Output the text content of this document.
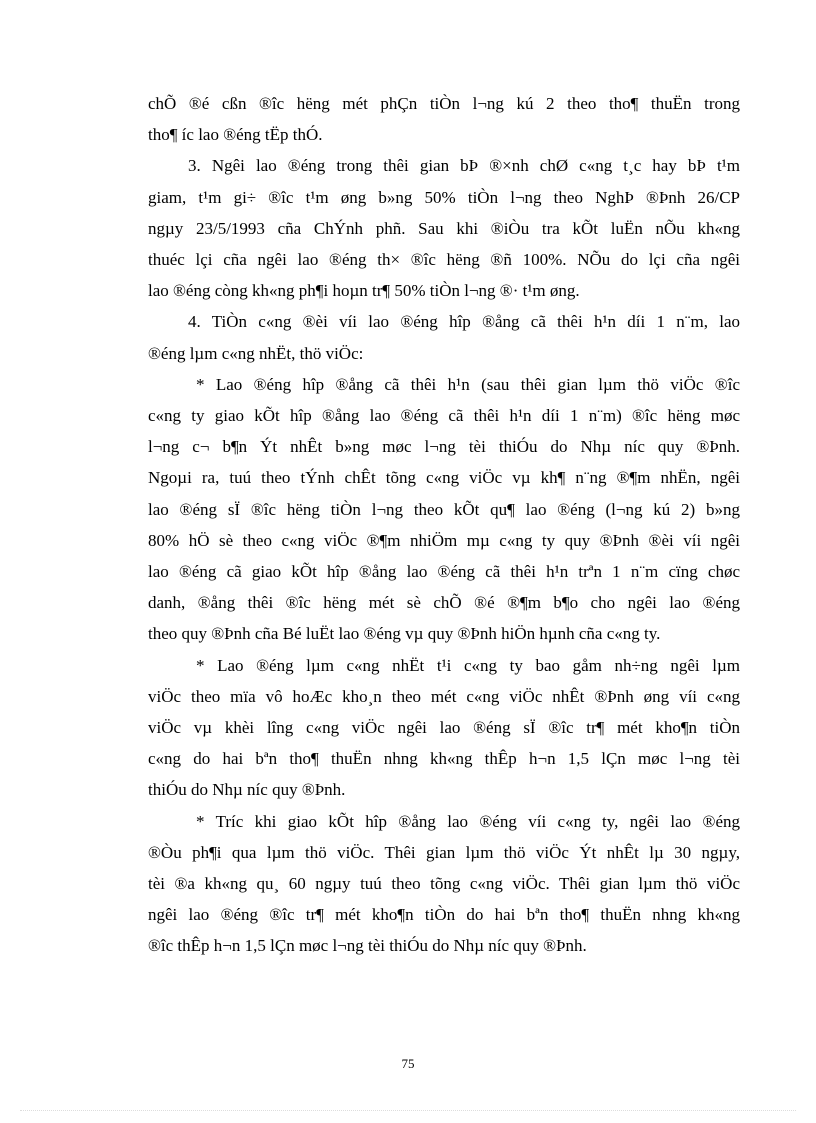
chÕ ®é cßn ®îc hëng mét phÇn tiÒn l¬ng kú 2 theo tho¶ thuËn trong
tho¶ íc lao ®éng tËp thÓ.
3. Ngêi lao ®éng trong thêi gian bÞ ®×nh chØ c«ng t¸c hay bÞ t¹m
giam, t¹m gi÷ ®îc t¹m øng b»ng 50% tiÒn l¬ng theo NghÞ ®Þnh 26/CP
ngµy 23/5/1993 cña ChÝnh phñ. Sau khi ®iÒu tra kÕt luËn nÕu kh«ng
thuéc lçi cña ngêi lao ®éng th× ®îc hëng ®ñ 100%. NÕu do lçi cña ngêi
lao ®éng còng kh«ng ph¶i hoµn tr¶ 50% tiÒn l¬ng ®· t¹m øng.
4. TiÒn c«ng ®èi víi lao ®éng hîp ®ång cã thêi h¹n díi 1 n¨m, lao
®éng lµm c«ng nhËt, thö viÖc:
* Lao ®éng hîp ®ång cã thêi h¹n (sau thêi gian lµm thö viÖc ®îc
c«ng ty giao kÕt hîp ®ång lao ®éng cã thêi h¹n díi 1 n¨m) ®îc hëng møc
l¬ng c¬ b¶n Ýt nhÊt b»ng møc l¬ng tèi thiÓu do Nhµ níc quy ®Þnh.
Ngoµi ra, tuú theo tÝnh chÊt tõng c«ng viÖc vµ kh¶ n¨ng ®¶m nhËn, ngêi
lao ®éng sÏ ®îc hëng tiÒn l¬ng theo kÕt qu¶ lao ®éng (l¬ng kú 2) b»ng
80% hÖ sè theo c«ng viÖc ®¶m nhiÖm mµ c«ng ty quy ®Þnh ®èi víi ngêi
lao ®éng cã giao kÕt hîp ®ång lao ®éng cã thêi h¹n trªn 1 n¨m cïng chøc
danh, ®ång thêi ®îc hëng mét sè chÕ ®é ®¶m b¶o cho ngêi lao ®éng
theo quy ®Þnh cña Bé luËt lao ®éng vµ quy ®Þnh hiÖn hµnh cña c«ng ty.
* Lao ®éng lµm c«ng nhËt t¹i c«ng ty bao gåm nh÷ng ngêi lµm
viÖc theo mïa vô hoÆc kho¸n theo mét c«ng viÖc nhÊt ®Þnh øng víi c«ng
viÖc vµ khèi lîng c«ng viÖc ngêi lao ®éng sÏ ®îc tr¶ mét kho¶n tiÒn
c«ng do hai bªn tho¶ thuËn nhng kh«ng thÊp h¬n 1,5 lÇn møc l¬ng tèi
thiÓu do Nhµ níc quy ®Þnh.
* Tríc khi giao kÕt hîp ®ång lao ®éng víi c«ng ty, ngêi lao ®éng
®Òu ph¶i qua lµm thö viÖc. Thêi gian lµm thö viÖc Ýt nhÊt lµ 30 ngµy,
tèi ®a kh«ng qu¸ 60 ngµy tuú theo tõng c«ng viÖc. Thêi gian lµm thö viÖc
ngêi lao ®éng ®îc tr¶ mét kho¶n tiÒn do hai bªn tho¶ thuËn nhng kh«ng
®îc thÊp h¬n 1,5 lÇn møc l¬ng tèi thiÓu do Nhµ níc quy ®Þnh.
75
